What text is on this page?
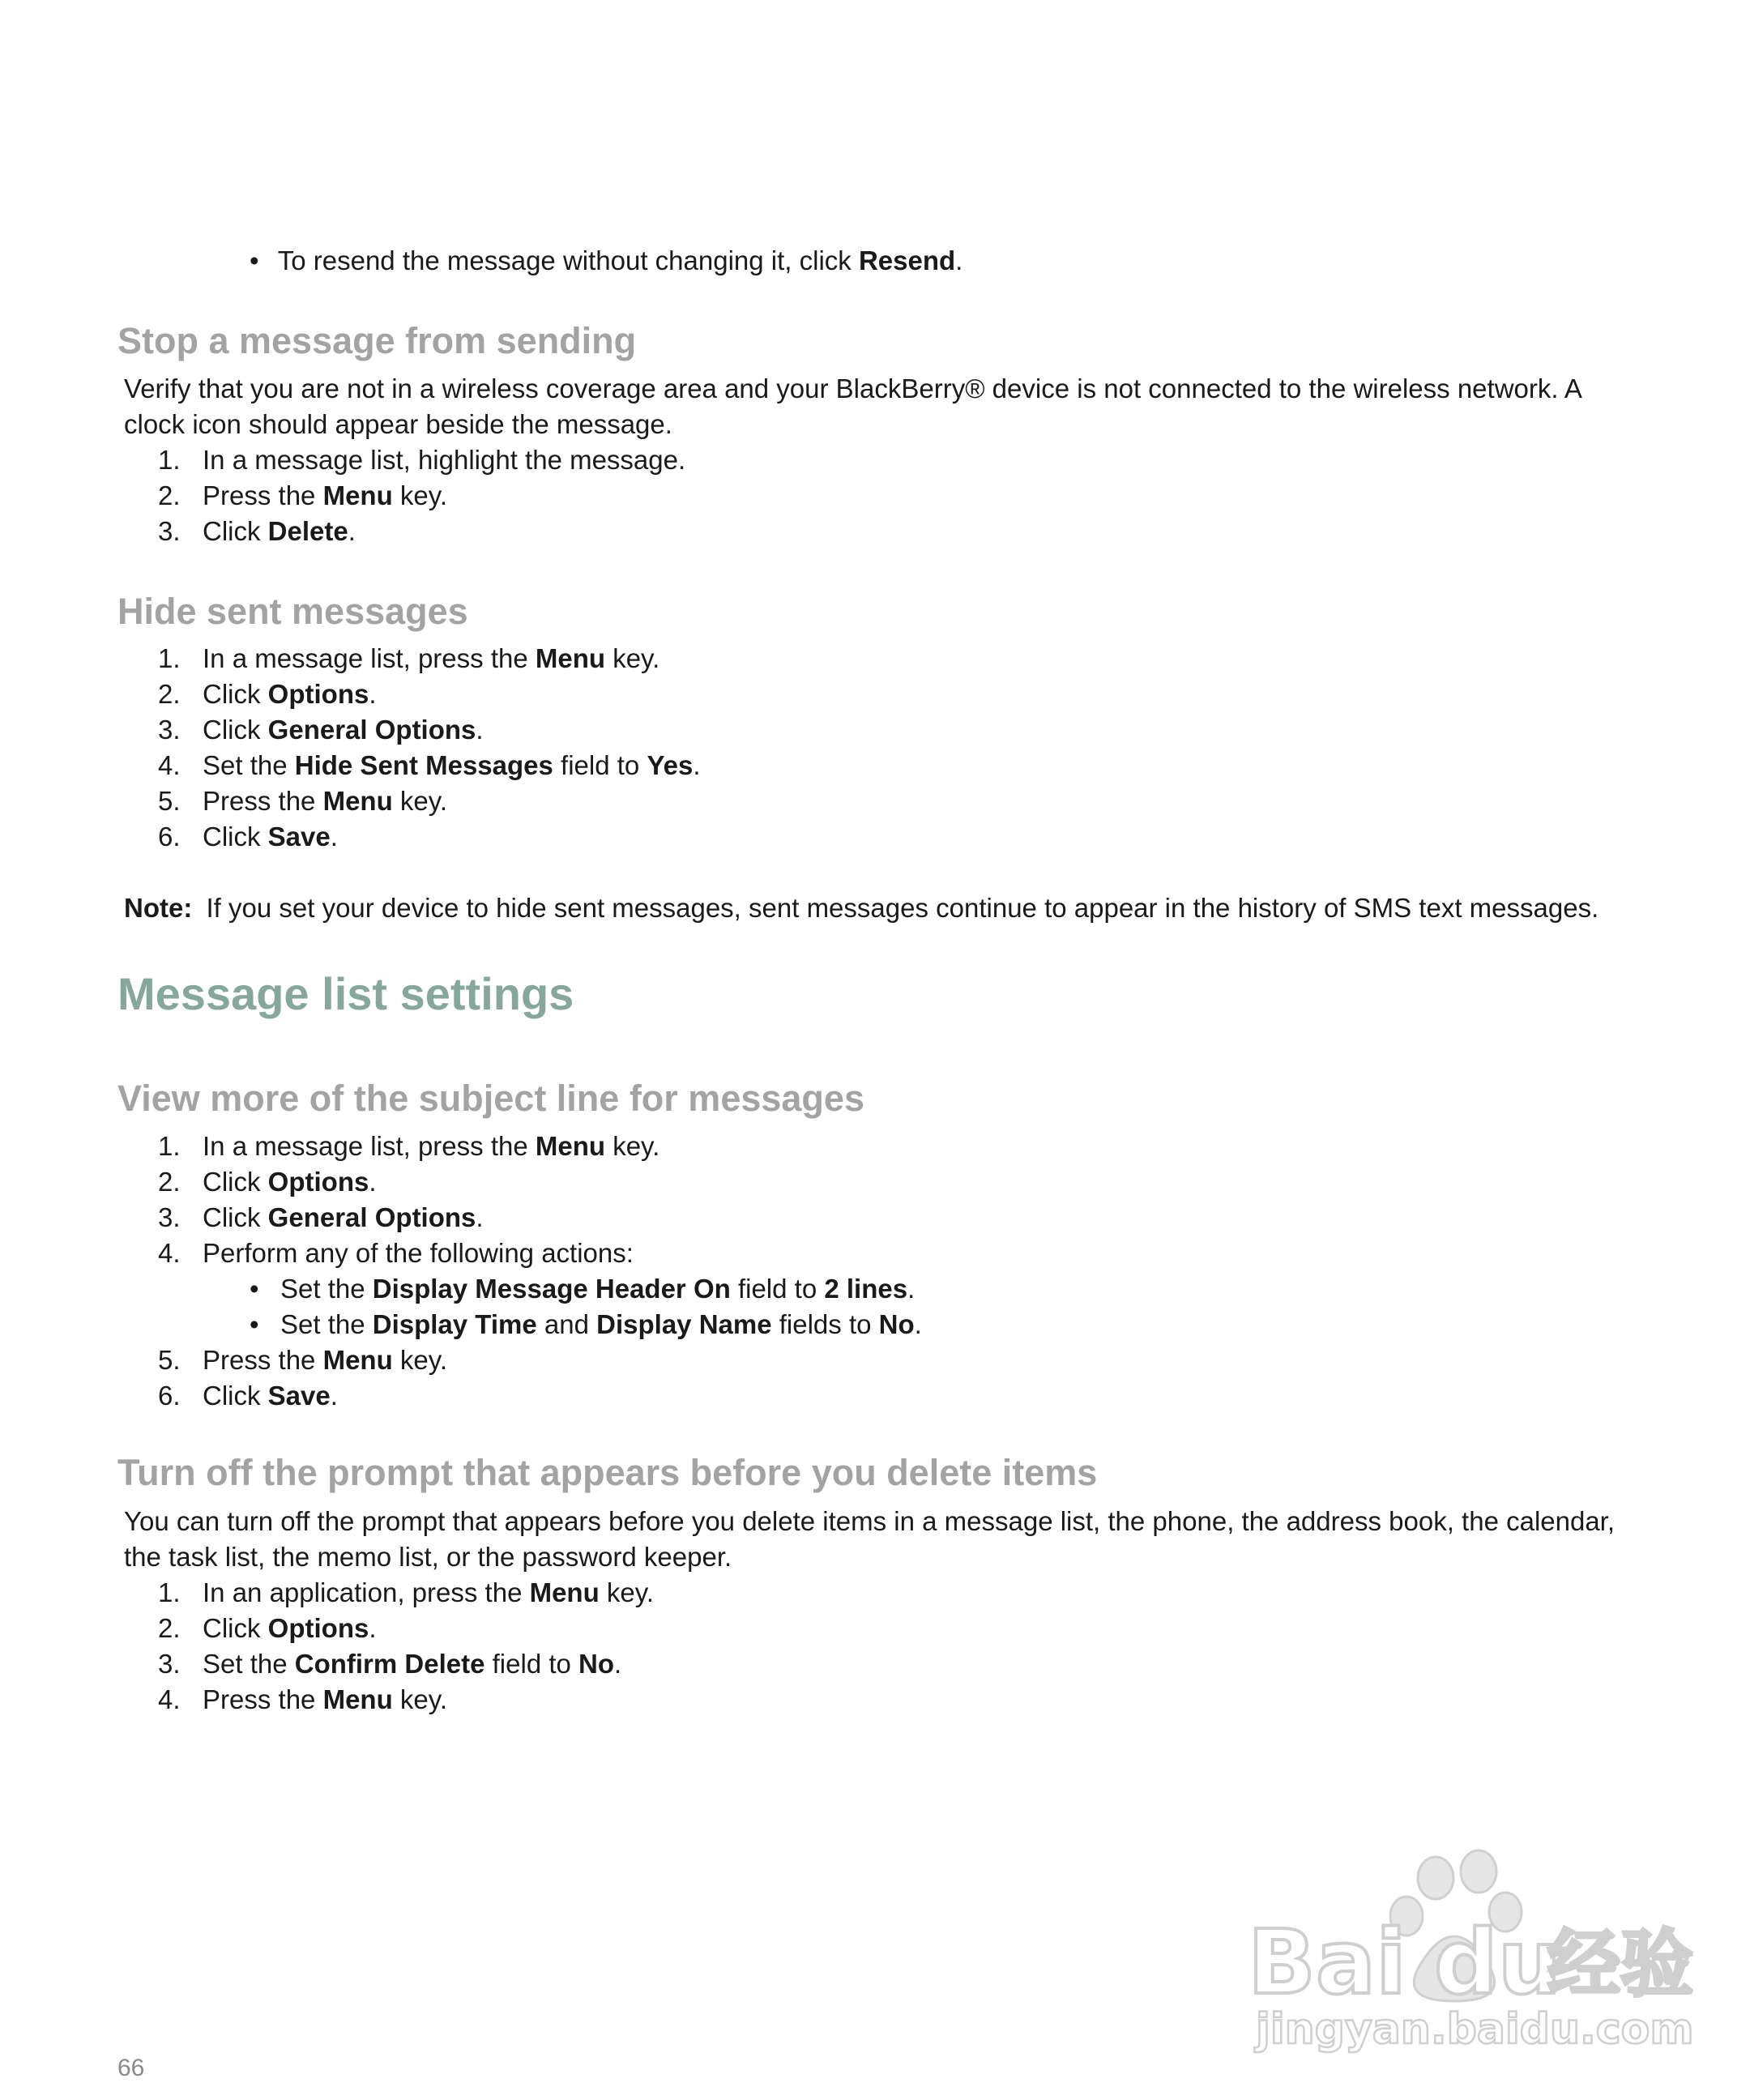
• To resend the message without changing it, click Resend.
Stop a message from sending
Verify that you are not in a wireless coverage area and your BlackBerry® device is not connected to the wireless network. A clock icon should appear beside the message.
1. In a message list, highlight the message.
2. Press the Menu key.
3. Click Delete.
Hide sent messages
1. In a message list, press the Menu key.
2. Click Options.
3. Click General Options.
4. Set the Hide Sent Messages field to Yes.
5. Press the Menu key.
6. Click Save.
Note: If you set your device to hide sent messages, sent messages continue to appear in the history of SMS text messages.
Message list settings
View more of the subject line for messages
1. In a message list, press the Menu key.
2. Click Options.
3. Click General Options.
4. Perform any of the following actions:
• Set the Display Message Header On field to 2 lines.
• Set the Display Time and Display Name fields to No.
5. Press the Menu key.
6. Click Save.
Turn off the prompt that appears before you delete items
You can turn off the prompt that appears before you delete items in a message list, the phone, the address book, the calendar, the task list, the memo list, or the password keeper.
1. In an application, press the Menu key.
2. Click Options.
3. Set the Confirm Delete field to No.
4. Press the Menu key.
Bai du
经验
jingyan.baidu.com
66
